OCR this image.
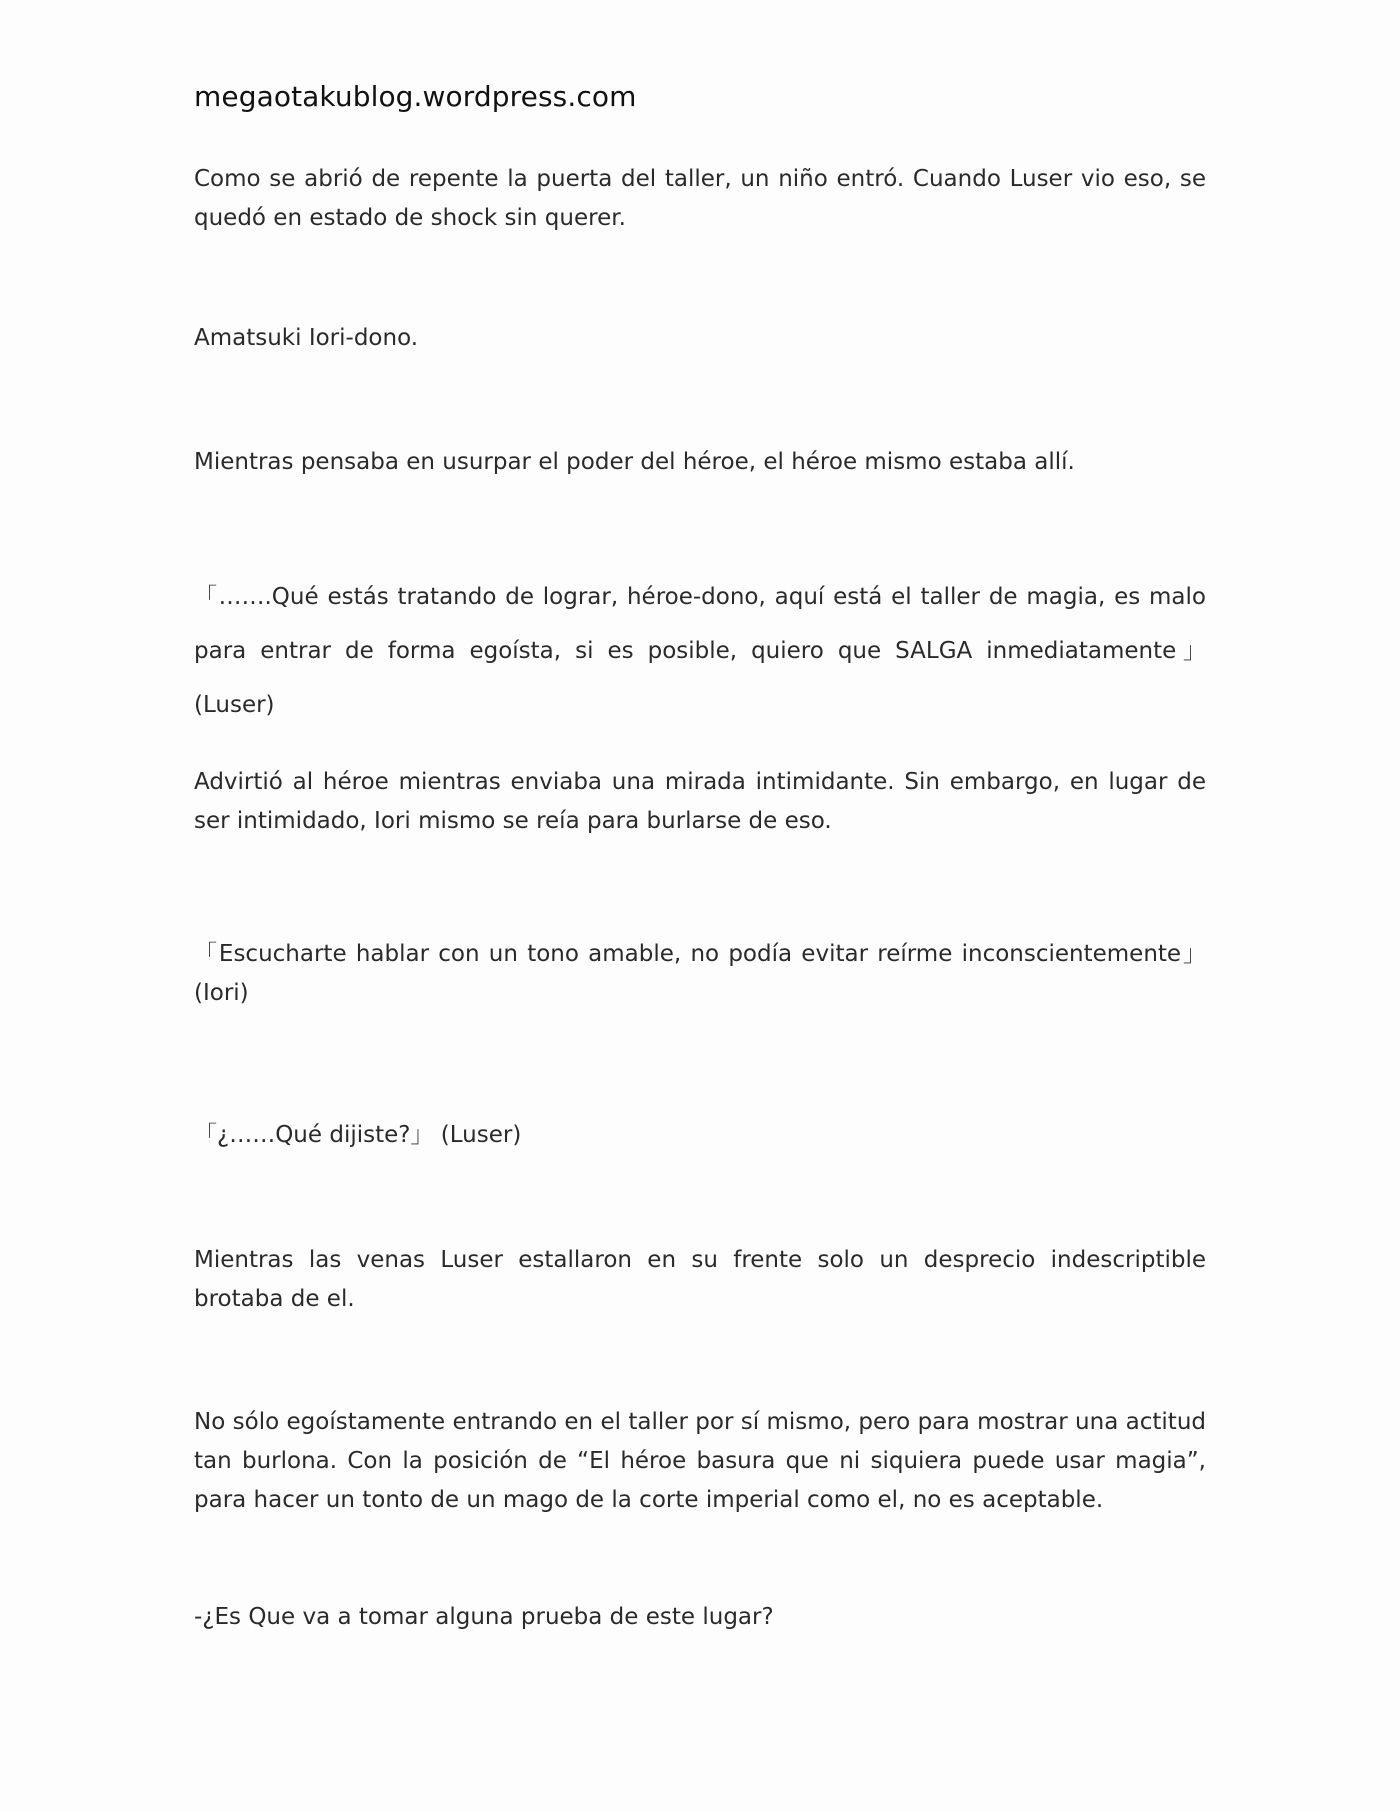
megaotakublog.wordpress.com

Como se abrió de repente la puerta del taller, un niño entró. Cuando Luser vio eso, se quedó en estado de shock sin querer.

Amatsuki Iori-dono.
Mientras pensaba en usurpar el poder del héroe, el héroe mismo estaba allí.

「…….Qué estás tratando de lograr, héroe-dono, aquí está el taller de magia, es malo para entrar de forma egoísta, si es posible, quiero que SALGA inmediatamente」 (Luser)

Advirtió al héroe mientras enviaba una mirada intimidante. Sin embargo, en lugar de ser intimidado, Iori mismo se reía para burlarse de eso.

「Escucharte hablar con un tono amable, no podía evitar reírme inconscientemente」 (Iori)

「¿……Qué dijiste?」 (Luser)

Mientras las venas Luser estallaron en su frente solo un desprecio indescriptible brotaba de el.

No sólo egoístamente entrando en el taller por sí mismo, pero para mostrar una actitud tan burlona. Con la posición de “El héroe basura que ni siquiera puede usar magia”, para hacer un tonto de un mago de la corte imperial como el, no es aceptable.

-¿Es Que va a tomar alguna prueba de este lugar?
